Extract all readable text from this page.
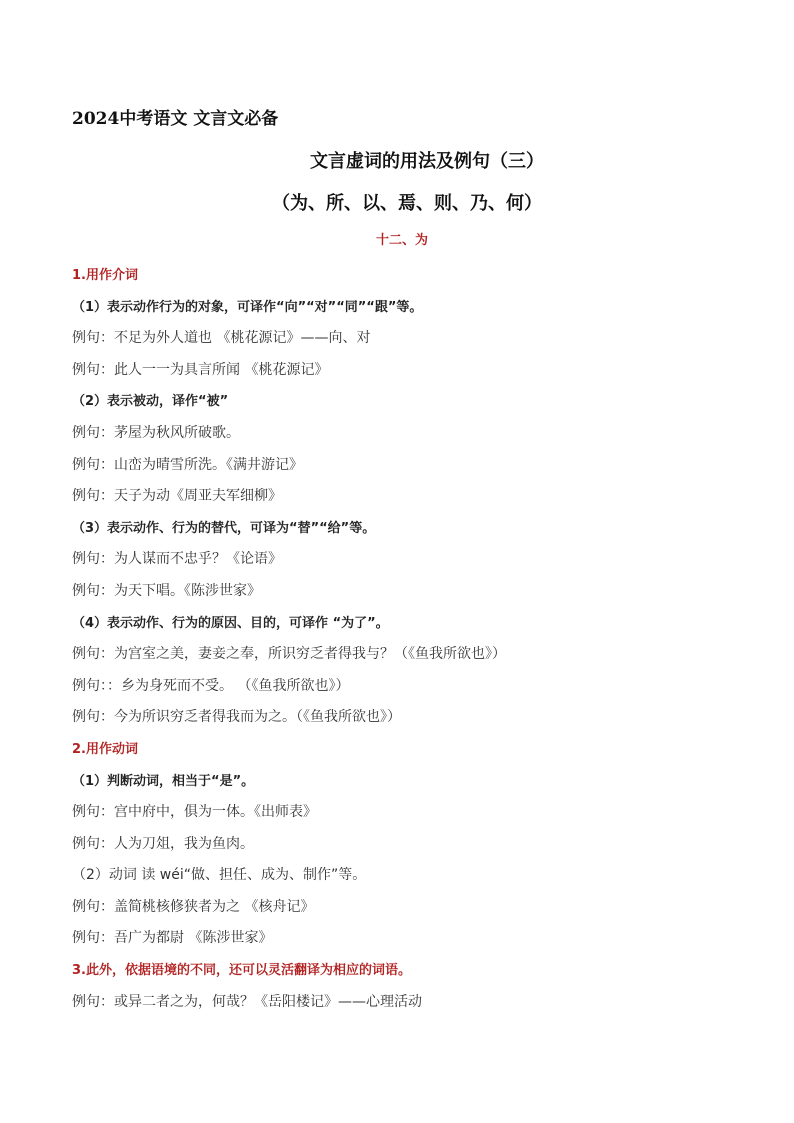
2024中考语文 文言文必备
文言虚词的用法及例句（三）
（为、所、以、焉、则、乃、何）
十二、为
1.用作介词
（1）表示动作行为的对象，可译作“向”“对”“同”“跟”等。
例句：不足为外人道也 《桃花源记》——向、对
例句：此人一一为具言所闻 《桃花源记》
（2）表示被动，译作“被”
例句：茅屋为秋风所破歌。
例句：山峦为晴雪所洗。《满井游记》
例句：天子为动《周亚夫军细柳》
（3）表示动作、行为的替代，可译为“替”“给”等。
例句：为人谋而不忠乎？《论语》
例句：为天下唱。《陈涉世家》
（4）表示动作、行为的原因、目的，可译作 “为了”。
例句：为宫室之美，妻妾之奉，所识穷乏者得我与？（《鱼我所欲也》）
例句：：乡为身死而不受。 （《鱼我所欲也》）
例句：今为所识穷乏者得我而为之。（《鱼我所欲也》）
2.用作动词
（1）判断动词，相当于“是”。
例句：宫中府中，俱为一体。《出师表》
例句：人为刀俎，我为鱼肉。
（2）动词 读 wéi“做、担任、成为、制作”等。
例句：盖简桃核修狭者为之 《核舟记》
例句：吾广为都尉 《陈涉世家》
3.此外，依据语境的不同，还可以灵活翻译为相应的词语。
例句：或异二者之为，何哉？《岳阳楼记》——心理活动
